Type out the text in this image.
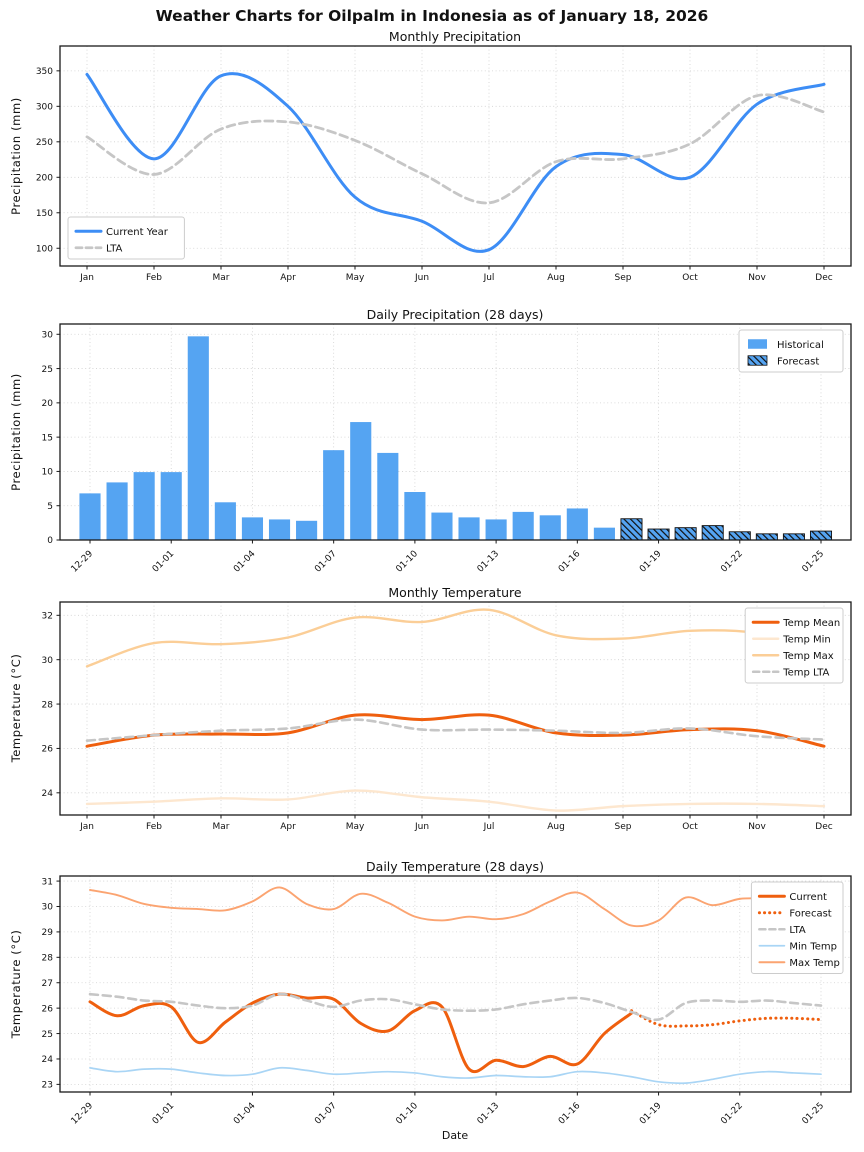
Weather Charts for Oilpalm in Indonesia as of January 18, 2026
Monthly Precipitation
Precipitation (mm)
Jan	Feb	Mar	Apr	May	Jun	Jul	Aug	Sep	Oct	Nov	Dec
100
150
200
250
300
350
Current Year
LTA
Daily Precipitation (28 days)
Precipitation (mm)
12-29	01-01	01-04	01-07	01-10	01-13	01-16	01-19	01-22	01-25
0
5
10
15
20
25
30
Historical
Forecast
Monthly Temperature
Temperature (°C)
Jan	Feb	Mar	Apr	May	Jun	Jul	Aug	Sep	Oct	Nov	Dec
24
26
28
30
32
Temp Mean
Temp Min
Temp Max
Temp LTA
Daily Temperature (28 days)
Temperature (°C)
Date
12-29	01-01	01-04	01-07	01-10	01-13	01-16	01-19	01-22	01-25
23
24
25
26
27
28
29
30
31
Current
Forecast
LTA
Min Temp
Max Temp
